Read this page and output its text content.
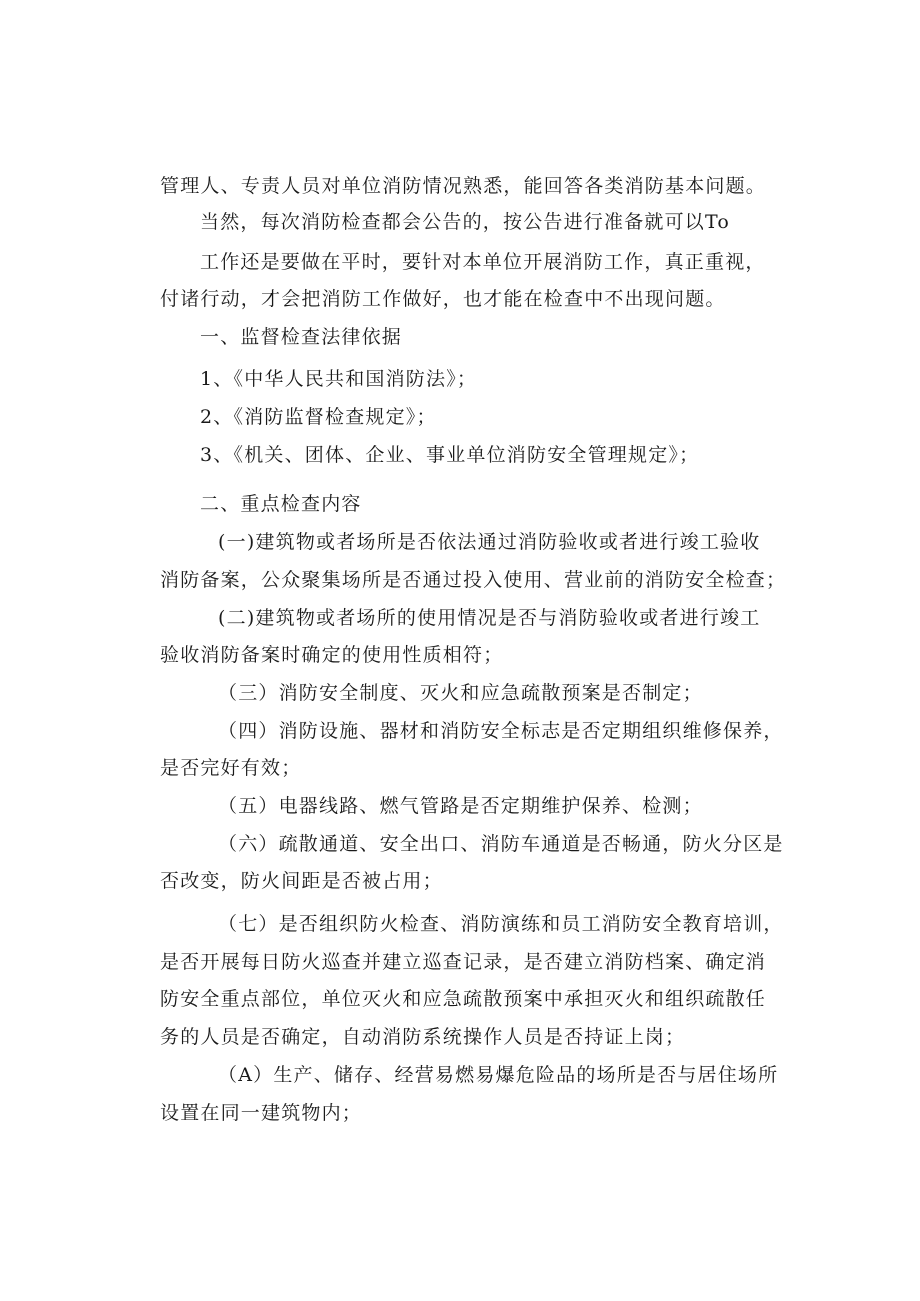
管理人、专责人员对单位消防情况熟悉，能回答各类消防基本问题。
当然，每次消防检查都会公告的，按公告进行准备就可以To
工作还是要做在平时，要针对本单位开展消防工作，真正重视，
付诸行动，才会把消防工作做好，也才能在检查中不出现问题。
一、监督检查法律依据
1、《中华人民共和国消防法》；
2、《消防监督检查规定》；
3、《机关、团体、企业、事业单位消防安全管理规定》；
二、重点检查内容
(一)建筑物或者场所是否依法通过消防验收或者进行竣工验收
消防备案，公众聚集场所是否通过投入使用、营业前的消防安全检查；
(二)建筑物或者场所的使用情况是否与消防验收或者进行竣工
验收消防备案时确定的使用性质相符；
（三）消防安全制度、灭火和应急疏散预案是否制定；
（四）消防设施、器材和消防安全标志是否定期组织维修保养，
是否完好有效；
（五）电器线路、燃气管路是否定期维护保养、检测；
（六）疏散通道、安全出口、消防车通道是否畅通，防火分区是
否改变，防火间距是否被占用；
（七）是否组织防火检查、消防演练和员工消防安全教育培训，
是否开展每日防火巡查并建立巡查记录，是否建立消防档案、确定消
防安全重点部位，单位灭火和应急疏散预案中承担灭火和组织疏散任
务的人员是否确定，自动消防系统操作人员是否持证上岗；
（A）生产、储存、经营易燃易爆危险品的场所是否与居住场所
设置在同一建筑物内；
